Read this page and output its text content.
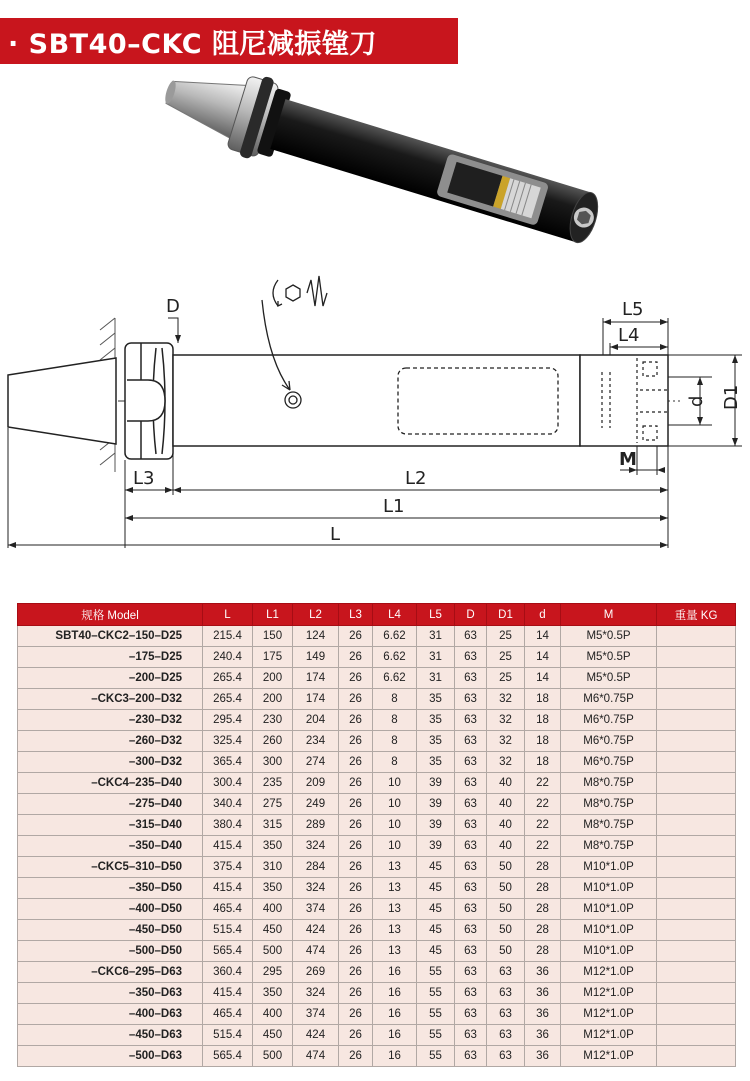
· SBT40–CKC 阻尼减振镗刀
D	L5
L4
d D1
M
L3	L2
L1
L
规格 Model	L	L1	L2	L3	L4	L5	D	D1	d	M	重量 KG
SBT40–CKC2–150–D25	215.4	150	124	26	6.62	31	63	25	14	M5*0.5P	
–175–D25	240.4	175	149	26	6.62	31	63	25	14	M5*0.5P	
–200–D25	265.4	200	174	26	6.62	31	63	25	14	M5*0.5P	
–CKC3–200–D32	265.4	200	174	26	8	35	63	32	18	M6*0.75P	
–230–D32	295.4	230	204	26	8	35	63	32	18	M6*0.75P	
–260–D32	325.4	260	234	26	8	35	63	32	18	M6*0.75P	
–300–D32	365.4	300	274	26	8	35	63	32	18	M6*0.75P	
–CKC4–235–D40	300.4	235	209	26	10	39	63	40	22	M8*0.75P	
–275–D40	340.4	275	249	26	10	39	63	40	22	M8*0.75P	
–315–D40	380.4	315	289	26	10	39	63	40	22	M8*0.75P	
–350–D40	415.4	350	324	26	10	39	63	40	22	M8*0.75P	
–CKC5–310–D50	375.4	310	284	26	13	45	63	50	28	M10*1.0P	
–350–D50	415.4	350	324	26	13	45	63	50	28	M10*1.0P	
–400–D50	465.4	400	374	26	13	45	63	50	28	M10*1.0P	
–450–D50	515.4	450	424	26	13	45	63	50	28	M10*1.0P	
–500–D50	565.4	500	474	26	13	45	63	50	28	M10*1.0P	
–CKC6–295–D63	360.4	295	269	26	16	55	63	63	36	M12*1.0P	
–350–D63	415.4	350	324	26	16	55	63	63	36	M12*1.0P	
–400–D63	465.4	400	374	26	16	55	63	63	36	M12*1.0P	
–450–D63	515.4	450	424	26	16	55	63	63	36	M12*1.0P	
–500–D63	565.4	500	474	26	16	55	63	63	36	M12*1.0P	
